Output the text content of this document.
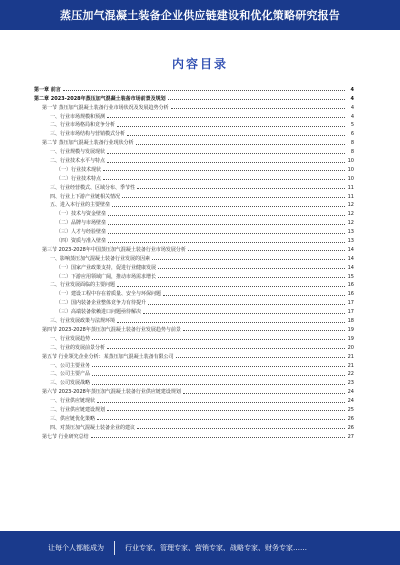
蒸压加气混凝土装备企业供应链建设和优化策略研究报告
内容目录
第一章 前言	4
第二章 2023-2028年蒸压加气混凝土装备市场前景及规划	4
第一节 蒸压加气混凝土装备行业市场状况及发展趋势分析	4
一、行业市场规模和预测	4
二、行业市场格局和竞争分析	5
三、行业市场结构与营销模式分析	6
第二节 蒸压加气混凝土装备行业现状分析	8
一、行业规模与发展现状	8
二、行业技术水平与特点	10
（一）行业技术现状	10
（二）行业技术特点	10
三、行业经营模式、区域分布、季节性	11
四、行业上下游产业链相关情况	11
五、进入本行业的主要壁垒	12
（一）技术与资金壁垒	12
（二）品牌与市场壁垒	12
（三）人才与经验壁垒	13
（四）资质与准入壁垒	13
第三节 2023-2028年中国蒸压加气混凝土装备行业市场发展分析	14
一、影响蒸压加气混凝土装备行业发展的因素	14
（一）国家产业政策支持，促进行业健康发展	14
（二）下游应用领域广阔，推动市场需求增长	15
二、行业发展面临的主要问题	16
（一）建设工程中存在着质量、安全与环保问题	16
（二）国内装备企业整体竞争力有待提升	17
（三）高端装备依赖进口问题亟待解决	17
三、行业发展政策与法规环境	18
第四节 2023-2028年蒸压加气混凝土装备行业发展趋势与前景	19
一、行业发展趋势	19
二、行业的发展前景分析	20
第五节 行业领先企业分析：某蒸压加气混凝土装备有限公司	21
一、公司主要业务	21
二、公司主要产品	22
三、公司发展战略	23
第六节 2023-2028年蒸压加气混凝土装备行业供应链建设规划	24
一、行业供应链现状	24
二、行业供应链建设规划	25
三、供应链优化策略	26
四、对蒸压加气混凝土装备企业的建议	26
第七节 行业研究总结	27
让每个人都能成为	行业专家、管理专家、营销专家、战略专家、财务专家……
